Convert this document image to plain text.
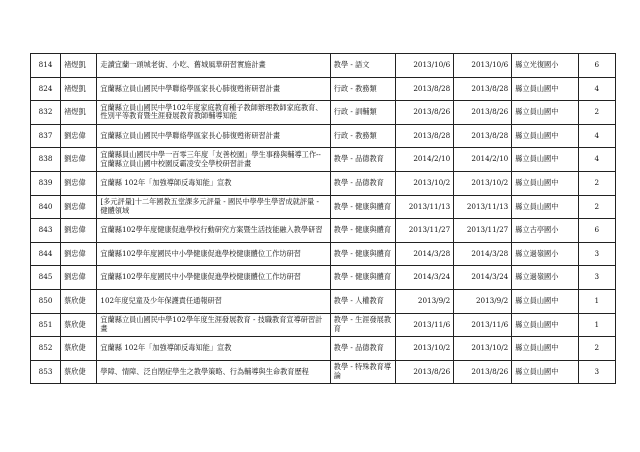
814	褚煜凱	走讀宜蘭一頭城老街、小吃、舊城風華研習實施計畫	教學 - 語文	2013/10/6	2013/10/6	縣立光復國小	6
824	褚煜凱	宜蘭縣立員山國民中學聯絡學區家長心肺復甦術研習計畫	行政 - 教務類	2013/8/28	2013/8/28	縣立員山國中	4
832	褚煜凱	宜蘭縣立員山國民中學102年度家庭教育種子教師辦理教師家庭教育、性別平等教育暨生涯發展教育教師輔導知能	行政 - 訓輔類	2013/8/26	2013/8/26	縣立員山國中	2
837	劉忠偉	宜蘭縣立員山國民中學聯絡學區家長心肺復甦術研習計畫	行政 - 教務類	2013/8/28	2013/8/28	縣立員山國中	4
838	劉忠偉	宜蘭縣員山國民中學一百零三年度「友善校園」學生事務與輔導工作-- 宜蘭縣立員山國中校園反霸凌安全學校研習計畫	教學 - 品德教育	2014/2/10	2014/2/10	縣立員山國中	4
839	劉忠偉	宜蘭縣 102年「加強導師反毒知能」宣教	教學 - 品德教育	2013/10/2	2013/10/2	縣立員山國中	2
840	劉忠偉	[多元評量]十二年國教五堂課多元評量 - 國民中學學生學習成就評量 - 健體領域	教學 - 健康與體育	2013/11/13	2013/11/13	縣立員山國中	2
843	劉忠偉	宜蘭縣102學年度健康促進學校行動研究方案暨生活技能融入教學研習	教學 - 健康與體育	2013/11/27	2013/11/27	縣立古亭國小	6
844	劉忠偉	宜蘭縣102學年度國民中小學健康促進學校健康體位工作坊研習	教學 - 健康與體育	2014/3/28	2014/3/28	縣立過嶺國小	3
845	劉忠偉	宜蘭縣102學年度國民中小學健康促進學校健康體位工作坊研習	教學 - 健康與體育	2014/3/24	2014/3/24	縣立過嶺國小	3
850	蔡欣倢	102年度兒童及少年保護責任通報研習	教學 - 人權教育	2013/9/2	2013/9/2	縣立員山國中	1
851	蔡欣倢	宜蘭縣立員山國民中學102學年度生涯發展教育 - 技職教育宣導研習計畫	教學 - 生涯發展教育	2013/11/6	2013/11/6	縣立員山國中	1
852	蔡欣倢	宜蘭縣 102年「加強導師反毒知能」宣教	教學 - 品德教育	2013/10/2	2013/10/2	縣立員山國中	2
853	蔡欣倢	學障、情障、泛自閉症學生之教學策略、行為輔導與生命教育歷程	教學 - 特殊教育導論	2013/8/26	2013/8/26	縣立員山國中	3
